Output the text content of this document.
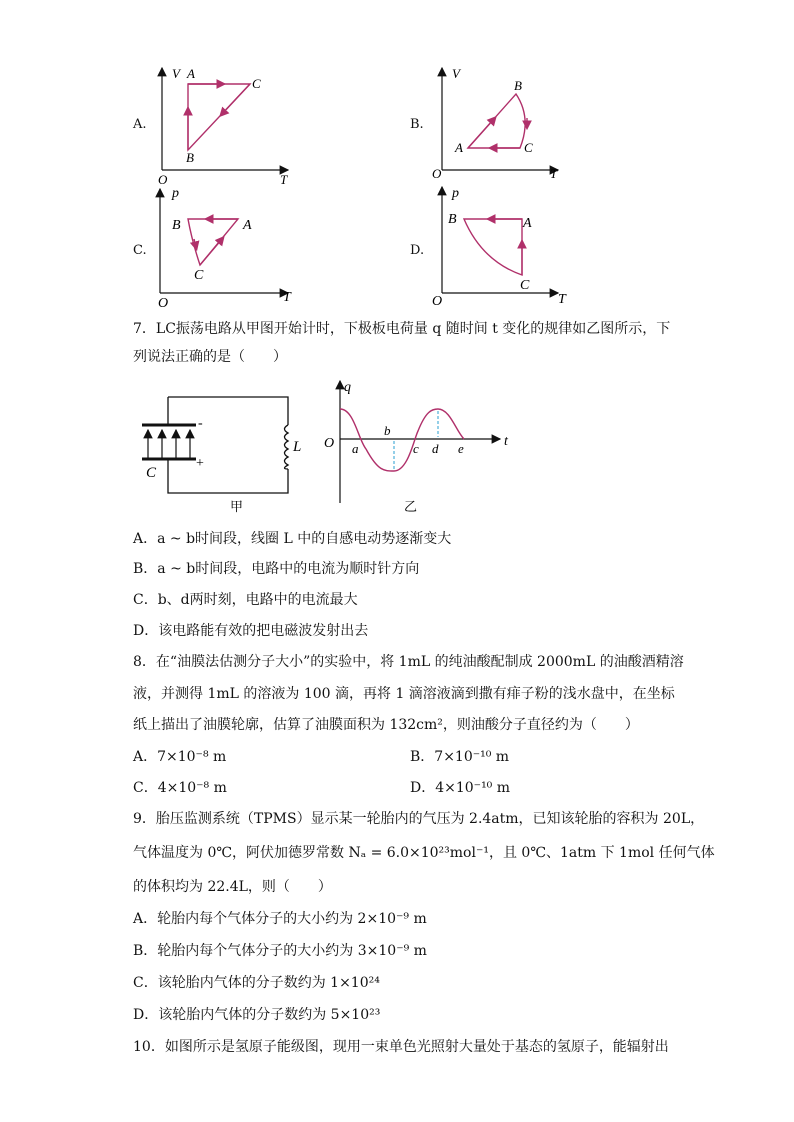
A.
V
T
O
A
C
B
B.
V
T
O
B
A	C
C.
p
T
O
B	A
C
D.
p
T
O
B	A
C
7．LC振荡电路从甲图开始计时，下极板电荷量 q 随时间 t 变化的规律如乙图所示，下
列说法正确的是（　　）
-
+
C
L
甲
q
t
O a
b
c d e
乙
A．a ~ b时间段，线圈 L 中的自感电动势逐渐变大
B．a ~ b时间段，电路中的电流为顺时针方向
C．b、d两时刻，电路中的电流最大
D．该电路能有效的把电磁波发射出去
8．在“油膜法估测分子大小”的实验中，将 1mL 的纯油酸配制成 2000mL 的油酸酒精溶
液，并测得 1mL 的溶液为 100 滴，再将 1 滴溶液滴到撒有痱子粉的浅水盘中，在坐标
纸上描出了油膜轮廓，估算了油膜面积为 132cm²，则油酸分子直径约为（　　）
A．7×10⁻⁸ m	B．7×10⁻¹⁰ m
C．4×10⁻⁸ m	D．4×10⁻¹⁰ m
9．胎压监测系统（TPMS）显示某一轮胎内的气压为 2.4atm，已知该轮胎的容积为 20L，
气体温度为 0℃，阿伏加德罗常数 Nₐ = 6.0×10²³mol⁻¹，且 0℃、1atm 下 1mol 任何气体
的体积均为 22.4L，则（　　）
A．轮胎内每个气体分子的大小约为 2×10⁻⁹ m
B．轮胎内每个气体分子的大小约为 3×10⁻⁹ m
C．该轮胎内气体的分子数约为 1×10²⁴
D．该轮胎内气体的分子数约为 5×10²³
10．如图所示是氢原子能级图，现用一束单色光照射大量处于基态的氢原子，能辐射出
